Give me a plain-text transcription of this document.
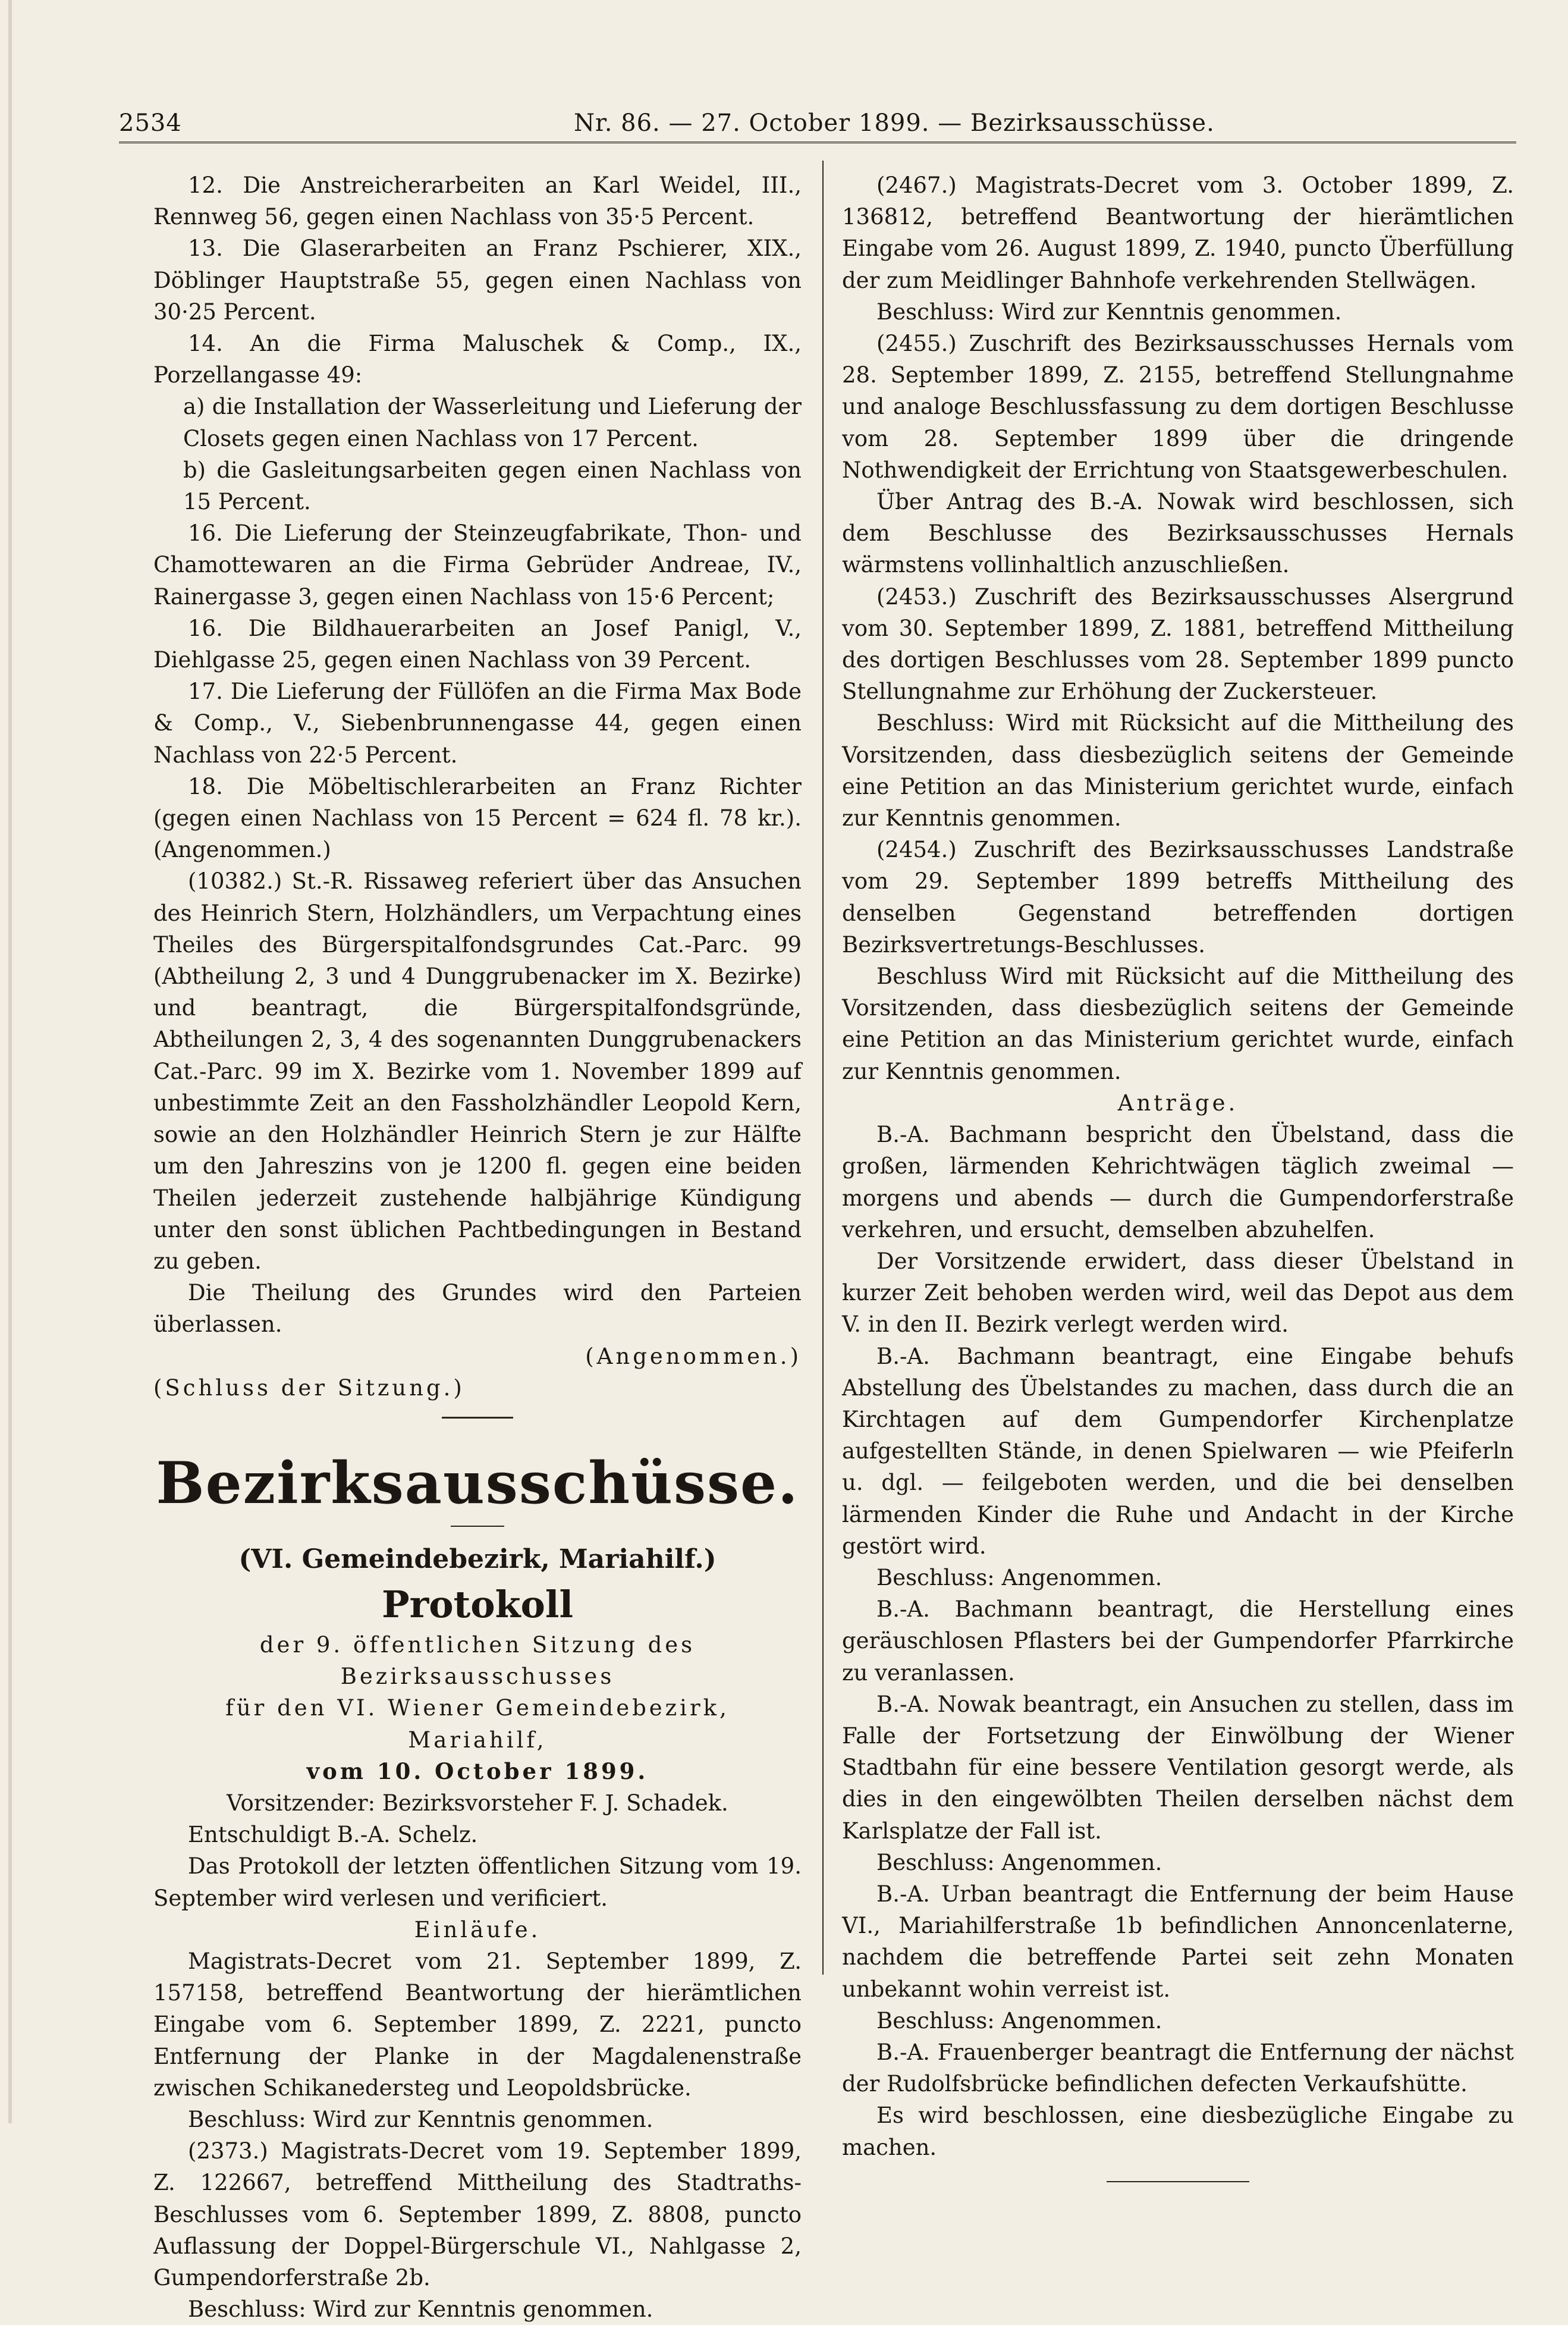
2534	Nr. 86. — 27. October 1899. — Bezirksausschüsse.

12. Die Anstreicherarbeiten an Karl Weidel, III., Rennweg 56, gegen einen Nachlass von 35·5 Percent.

13. Die Glaserarbeiten an Franz Pschierer, XIX., Döblinger Hauptstraße 55, gegen einen Nachlass von 30·25 Percent.

14. An die Firma Maluschek & Comp., IX., Porzellangasse 49:

a) die Installation der Wasserleitung und Lieferung der Closets gegen einen Nachlass von 17 Percent.

b) die Gasleitungsarbeiten gegen einen Nachlass von 15 Percent.

16. Die Lieferung der Steinzeugfabrikate, Thon- und Chamottewaren an die Firma Gebrüder Andreae, IV., Rainergasse 3, gegen einen Nachlass von 15·6 Percent;

16. Die Bildhauerarbeiten an Josef Panigl, V., Diehlgasse 25, gegen einen Nachlass von 39 Percent.

17. Die Lieferung der Füllöfen an die Firma Max Bode & Comp., V., Siebenbrunnengasse 44, gegen einen Nachlass von 22·5 Percent.

18. Die Möbeltischlerarbeiten an Franz Richter (gegen einen Nachlass von 15 Percent = 624 fl. 78 kr.). (Angenommen.)

(10382.) St.-R. Rissaweg referiert über das Ansuchen des Heinrich Stern, Holzhändlers, um Verpachtung eines Theiles des Bürgerspitalfondsgrundes Cat.-Parc. 99 (Abtheilung 2, 3 und 4 Dunggrubenacker im X. Bezirke) und beantragt, die Bürgerspitalfondsgründe, Abtheilungen 2, 3, 4 des sogenannten Dunggrubenackers Cat.-Parc. 99 im X. Bezirke vom 1. November 1899 auf unbestimmte Zeit an den Fassholzhändler Leopold Kern, sowie an den Holzhändler Heinrich Stern je zur Hälfte um den Jahreszins von je 1200 fl. gegen eine beiden Theilen jederzeit zustehende halbjährige Kündigung unter den sonst üblichen Pachtbedingungen in Bestand zu geben.

Die Theilung des Grundes wird den Parteien überlassen.

(Angenommen.)

(Schluss der Sitzung.)

Bezirksausschüsse.
(VI. Gemeindebezirk, Mariahilf.)
Protokoll

der 9. öffentlichen Sitzung des Bezirksausschusses

für den VI. Wiener Gemeindebezirk, Mariahilf,

vom 10. October 1899.

Vorsitzender: Bezirksvorsteher F. J. Schadek.

Entschuldigt B.-A. Schelz.

Das Protokoll der letzten öffentlichen Sitzung vom 19. September wird verlesen und verificiert.

Einläufe.

Magistrats-Decret vom 21. September 1899, Z. 157158, betreffend Beantwortung der hierämtlichen Eingabe vom 6. September 1899, Z. 2221, puncto Entfernung der Planke in der Magdalenenstraße zwischen Schikanedersteg und Leopoldsbrücke.

Beschluss: Wird zur Kenntnis genommen.

(2373.) Magistrats-Decret vom 19. September 1899, Z. 122667, betreffend Mittheilung des Stadtraths-Beschlusses vom 6. September 1899, Z. 8808, puncto Auflassung der Doppel-Bürgerschule VI., Nahlgasse 2, Gumpendorferstraße 2b.

Beschluss: Wird zur Kenntnis genommen.

(2467.) Magistrats-Decret vom 3. October 1899, Z. 136812, betreffend Beantwortung der hierämtlichen Eingabe vom 26. August 1899, Z. 1940, puncto Überfüllung der zum Meidlinger Bahnhofe verkehrenden Stellwägen.

Beschluss: Wird zur Kenntnis genommen.

(2455.) Zuschrift des Bezirksausschusses Hernals vom 28. September 1899, Z. 2155, betreffend Stellungnahme und analoge Beschlussfassung zu dem dortigen Beschlusse vom 28. September 1899 über die dringende Nothwendigkeit der Errichtung von Staatsgewerbeschulen.

Über Antrag des B.-A. Nowak wird beschlossen, sich dem Beschlusse des Bezirksausschusses Hernals wärmstens vollinhaltlich anzuschließen.

(2453.) Zuschrift des Bezirksausschusses Alsergrund vom 30. September 1899, Z. 1881, betreffend Mittheilung des dortigen Beschlusses vom 28. September 1899 puncto Stellungnahme zur Erhöhung der Zuckersteuer.

Beschluss: Wird mit Rücksicht auf die Mittheilung des Vorsitzenden, dass diesbezüglich seitens der Gemeinde eine Petition an das Ministerium gerichtet wurde, einfach zur Kenntnis genommen.

(2454.) Zuschrift des Bezirksausschusses Landstraße vom 29. September 1899 betreffs Mittheilung des denselben Gegenstand betreffenden dortigen Bezirksvertretungs-Beschlusses.

Beschluss Wird mit Rücksicht auf die Mittheilung des Vorsitzenden, dass diesbezüglich seitens der Gemeinde eine Petition an das Ministerium gerichtet wurde, einfach zur Kenntnis genommen.

Anträge.

B.-A. Bachmann bespricht den Übelstand, dass die großen, lärmenden Kehrichtwägen täglich zweimal — morgens und abends — durch die Gumpendorferstraße verkehren, und ersucht, demselben abzuhelfen.

Der Vorsitzende erwidert, dass dieser Übelstand in kurzer Zeit behoben werden wird, weil das Depot aus dem V. in den II. Bezirk verlegt werden wird.

B.-A. Bachmann beantragt, eine Eingabe behufs Abstellung des Übelstandes zu machen, dass durch die an Kirchtagen auf dem Gumpendorfer Kirchenplatze aufgestellten Stände, in denen Spielwaren — wie Pfeiferln u. dgl. — feilgeboten werden, und die bei denselben lärmenden Kinder die Ruhe und Andacht in der Kirche gestört wird.

Beschluss: Angenommen.

B.-A. Bachmann beantragt, die Herstellung eines geräuschlosen Pflasters bei der Gumpendorfer Pfarrkirche zu veranlassen.

B.-A. Nowak beantragt, ein Ansuchen zu stellen, dass im Falle der Fortsetzung der Einwölbung der Wiener Stadtbahn für eine bessere Ventilation gesorgt werde, als dies in den eingewölbten Theilen derselben nächst dem Karlsplatze der Fall ist.

Beschluss: Angenommen.

B.-A. Urban beantragt die Entfernung der beim Hause VI., Mariahilferstraße 1b befindlichen Annoncenlaterne, nachdem die betreffende Partei seit zehn Monaten unbekannt wohin verreist ist.

Beschluss: Angenommen.

B.-A. Frauenberger beantragt die Entfernung der nächst der Rudolfsbrücke befindlichen defecten Verkaufshütte.

Es wird beschlossen, eine diesbezügliche Eingabe zu machen.
